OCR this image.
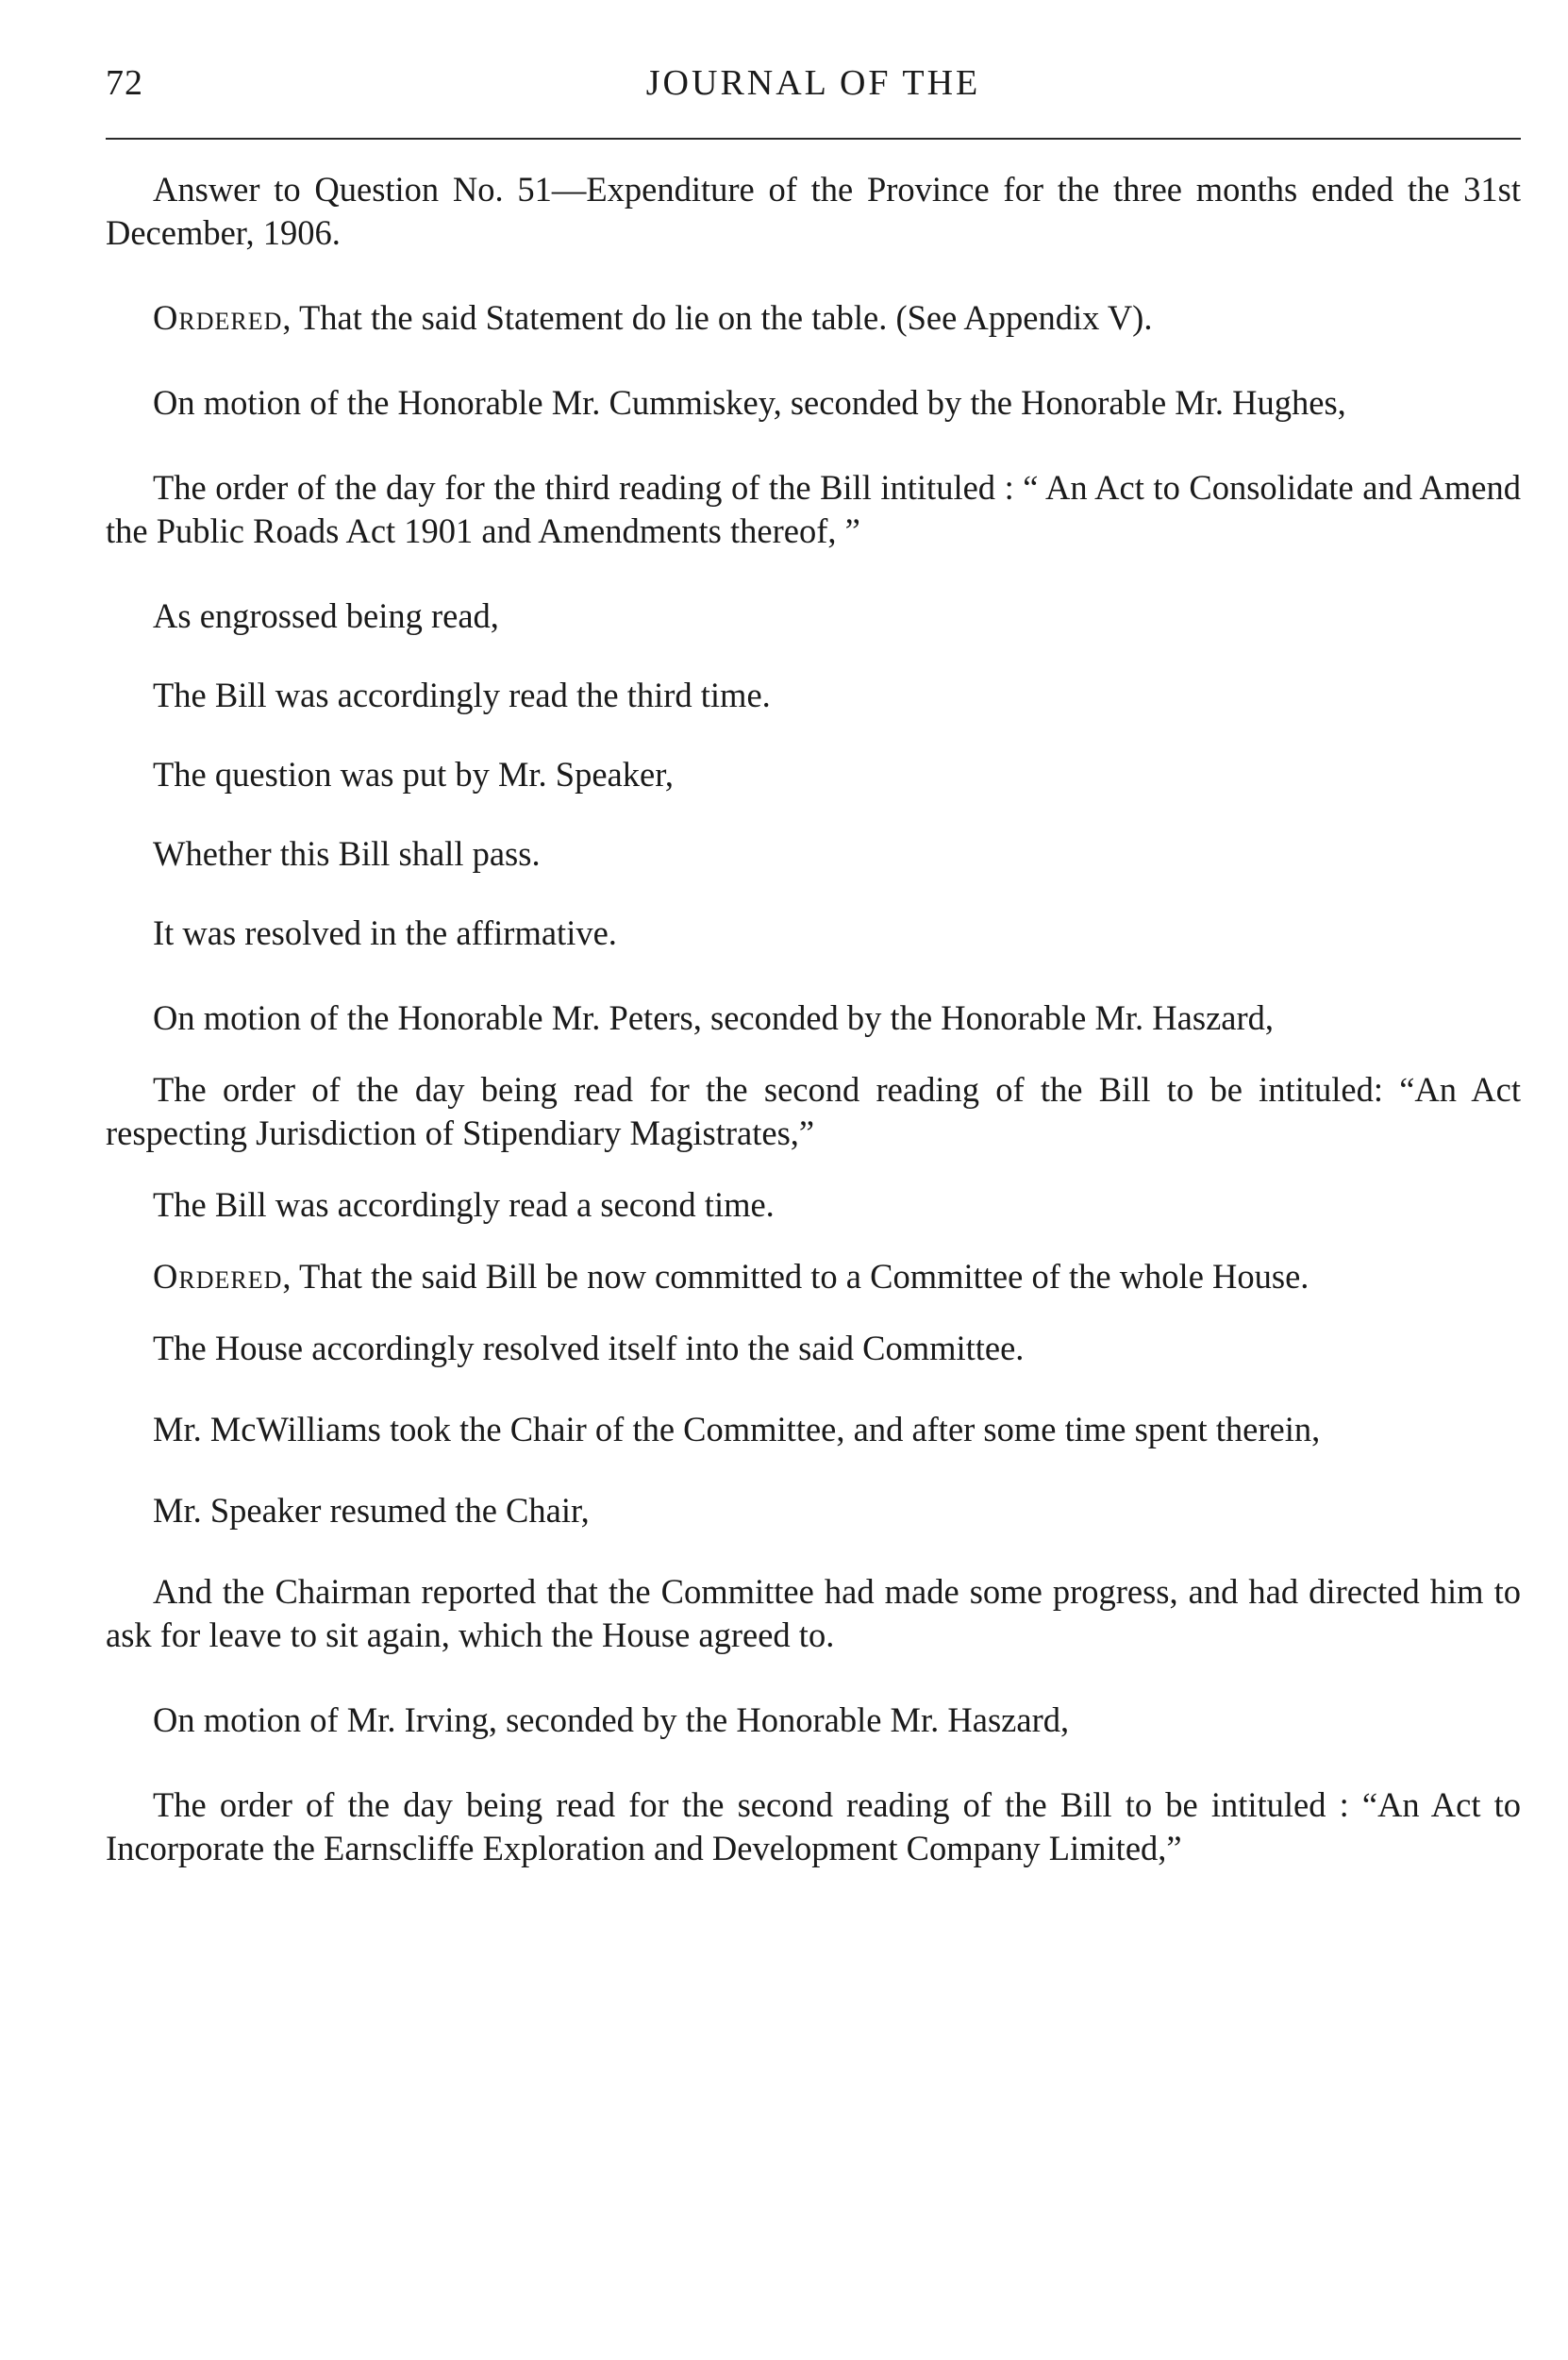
72	JOURNAL OF THE

Answer to Question No. 51—Expenditure of the Province for the three months ended the 31st December, 1906.

Ordered, That the said Statement do lie on the table. (See Appendix V).

On motion of the Honorable Mr. Cummiskey, seconded by the Honorable Mr. Hughes,

The order of the day for the third reading of the Bill intituled : “ An Act to Consolidate and Amend the Public Roads Act 1901 and Amendments thereof, ”

As engrossed being read,

The Bill was accordingly read the third time.

The question was put by Mr. Speaker,

Whether this Bill shall pass.

It was resolved in the affirmative.

On motion of the Honorable Mr. Peters, seconded by the Honorable Mr. Haszard,

The order of the day being read for the second reading of the Bill to be intituled: “An Act respecting Jurisdiction of Stipendiary Magistrates,”

The Bill was accordingly read a second time.

Ordered, That the said Bill be now committed to a Committee of the whole House.

The House accordingly resolved itself into the said Committee.

Mr. McWilliams took the Chair of the Committee, and after some time spent therein,

Mr. Speaker resumed the Chair,

And the Chairman reported that the Committee had made some progress, and had directed him to ask for leave to sit again, which the House agreed to.

On motion of Mr. Irving, seconded by the Honorable Mr. Haszard,

The order of the day being read for the second reading of the Bill to be intituled : “An Act to Incorporate the Earnscliffe Exploration and Development Company Limited,”
